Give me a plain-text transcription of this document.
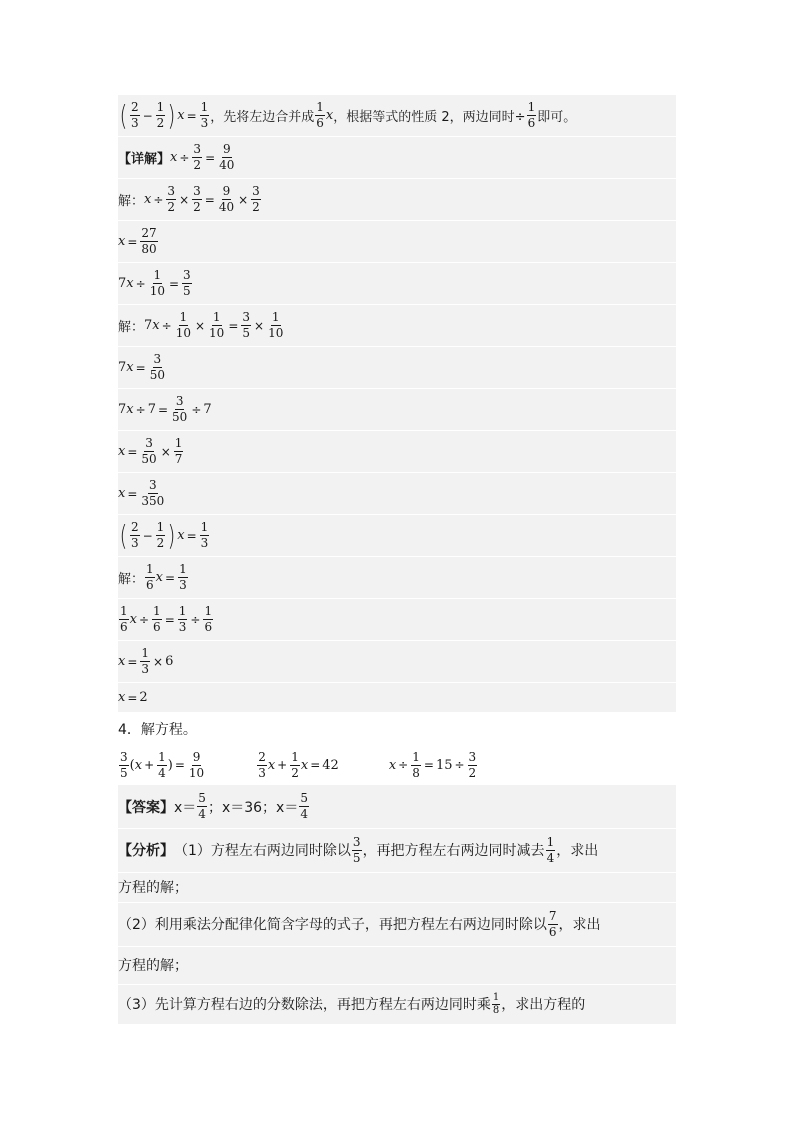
( $\frac{2}{3} - \frac{1}{2}$ ) $x = \frac{1}{3}$ ，先将左边合并成 $\frac{1}{6}$ x ，根据等式的性质 2，两边同时÷ $\frac{1}{6}$ 即可。
【详解】 $x \div \frac{3}{2} = \frac{9}{40}$
解： $x \div \frac{3}{2} \times \frac{3}{2} = \frac{9}{40} \times \frac{3}{2}$
$x = \frac{27}{80}$
7 $x \div \frac{1}{10} = \frac{3}{5}$
解： 7 $x \div \frac{1}{10} \times \frac{1}{10} = \frac{3}{5} \times \frac{1}{10}$
7 $x = \frac{3}{50}$
7 $x \div 7 = \frac{3}{50} \div 7$
$x = \frac{3}{50} \times \frac{1}{7}$
$x = \frac{3}{350}$
( $\frac{2}{3} - \frac{1}{2}$ ) $x = \frac{1}{3}$
解： $\frac{1}{6}$ $x = \frac{1}{3}$
$\frac{1}{6}$ $x \div \frac{1}{6} = \frac{1}{3} \div \frac{1}{6}$
$x = \frac{1}{3} \times 6$
x = 2
4．解方程。
$\frac{3}{5}$ ( $x + \frac{1}{4}$ ) = $\frac{9}{10}$	$\frac{2}{3}$ $x + \frac{1}{2}$ x = 42	$x \div \frac{1}{8} = 15 \div \frac{3}{2}$
【答案】 $x= \frac{5}{4}$ ； x＝36 ； $x= \frac{5}{4}$
【分析】 （1）方程左右两边同时除以 $\frac{3}{5}$ ，再把方程左右两边同时减去 $\frac{1}{4}$ ，求出
方程的解；
（2）利用乘法分配律化简含字母的式子，再把方程左右两边同时除以 $\frac{7}{6}$ ，求出
方程的解；
（3）先计算方程右边的分数除法，再把方程左右两边同时乘 $\frac{1}{8}$ ，求出方程的
